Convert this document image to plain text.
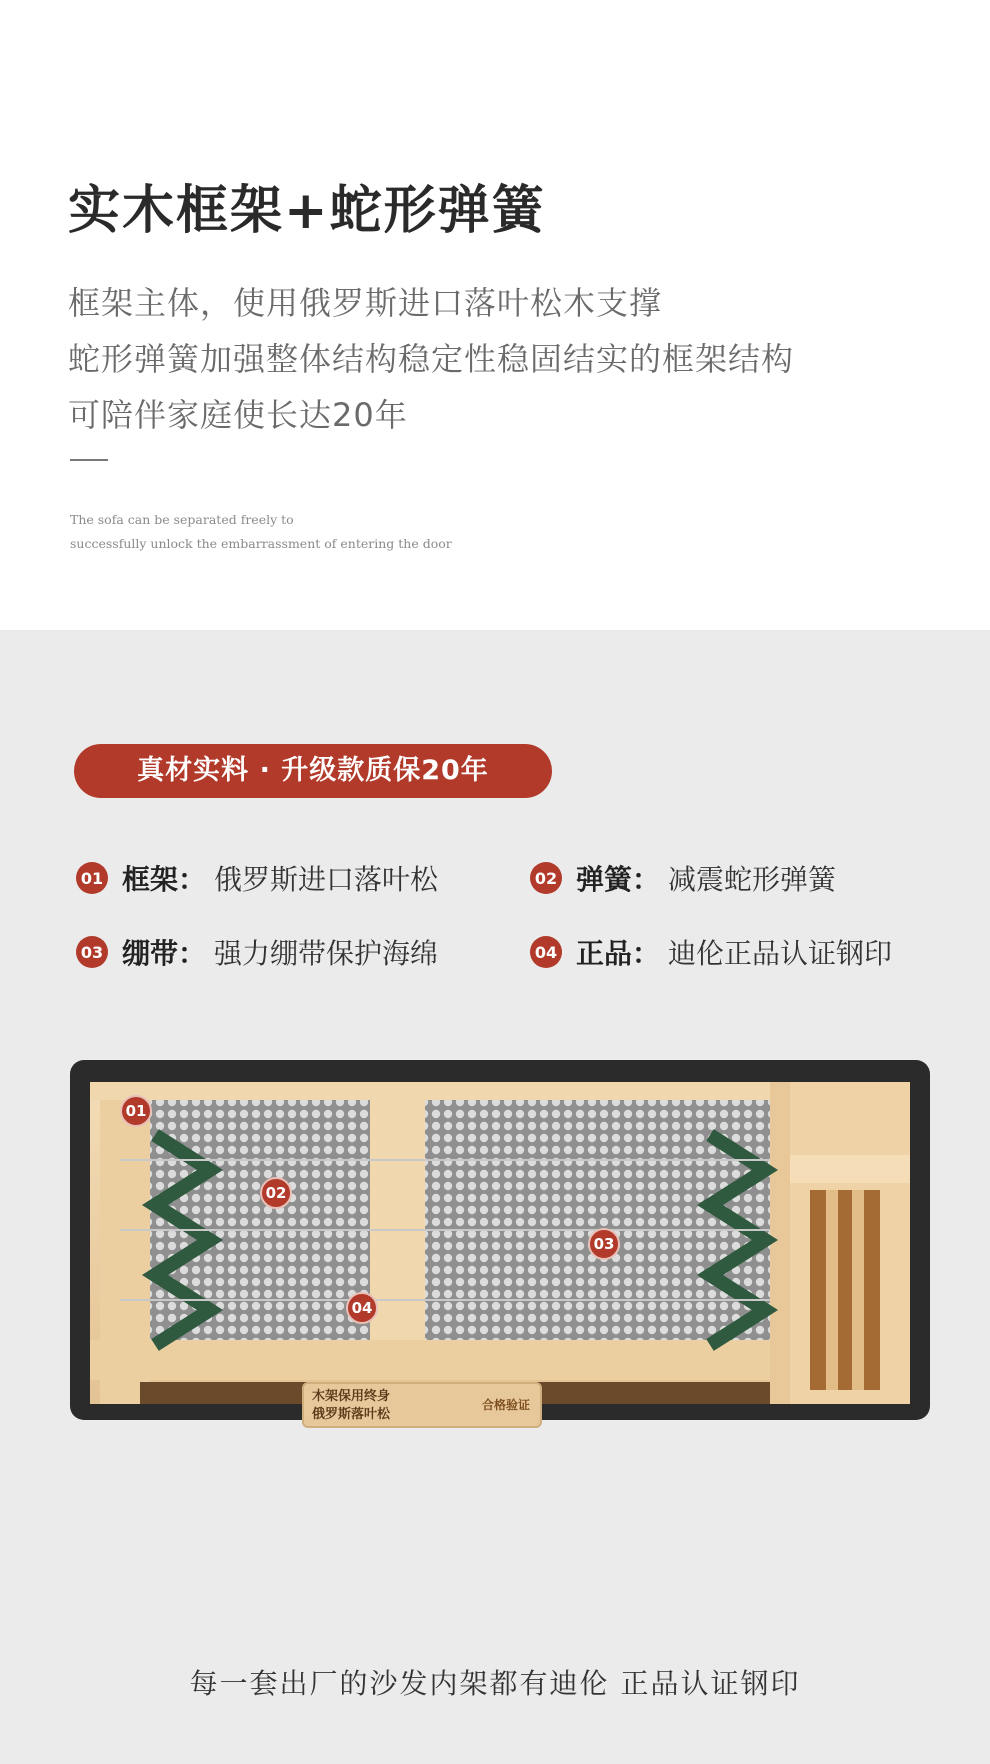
实木框架+蛇形弹簧
框架主体，使用俄罗斯进口落叶松木支撑
蛇形弹簧加强整体结构稳定性稳固结实的框架结构
可陪伴家庭使长达20年
The sofa can be separated freely to
successfully unlock the embarrassment of entering the door
真材实料 · 升级款质保20年
01 框架： 俄罗斯进口落叶松	02 弹簧： 减震蛇形弹簧
03 绷带： 强力绷带保护海绵	04 正品： 迪伦正品认证钢印
01
02
03
04
木架保用终身
俄罗斯落叶松
合格验证
每一套出厂的沙发内架都有迪伦 正品认证钢印
